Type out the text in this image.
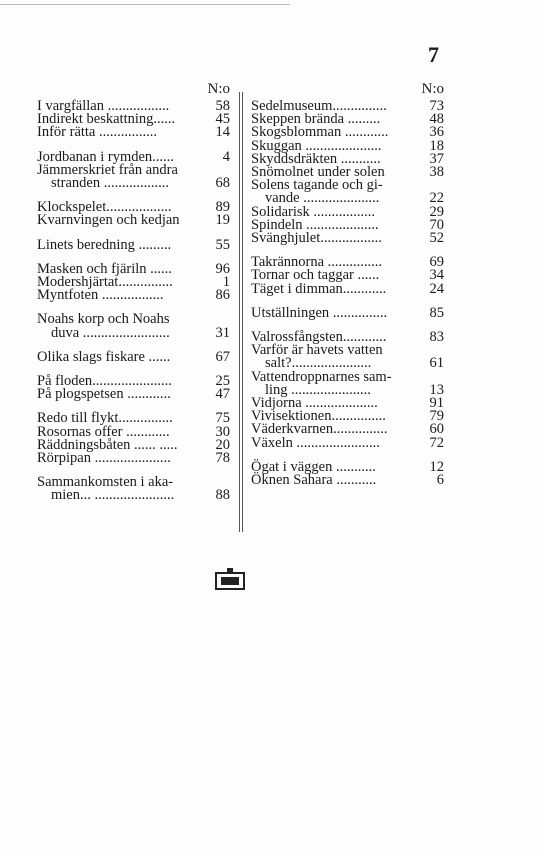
7
N:o
I vargfällan .................	58
Indirekt beskattning......	45
Inför rätta ................	14
Jordbanan i rymden......	4
Jämmerskriet från andra
stranden ..................	68
Klockspelet..................	89
Kvarnvingen och kedjan	19
Linets beredning .........	55
Masken och fjäriln ......	96
Modershjärtat...............	1
Myntfoten .................	86
Noahs korp och Noahs
duva ........................	31
Olika slags fiskare ......	67
På floden......................	25
På plogspetsen ............	47
Redo till flykt...............	75
Rosornas offer ............	30
Räddningsbåten ...... .....	20
Rörpipan .....................	78
Sammankomsten i aka-
mien... ......................	88
N:o
Sedelmuseum...............	73
Skeppen brända .........	48
Skogsblomman ............	36
Skuggan .....................	18
Skyddsdräkten ...........	37
Snömolnet under solen	38
Solens tagande och gi-
vande .....................	22
Solidarisk .................	29
Spindeln ....................	70
Svänghjulet.................	52
Takrännorna ...............	69
Tornar och taggar ......	34
Täget i dimman............	24
Utställningen ...............	85
Valrossfångsten............	83
Varför är havets vatten
salt?......................	61
Vattendroppnarnes sam-
ling ......................	13
Vidjorna ....................	91
Vivisektionen...............	79
Väderkvarnen...............	60
Växeln .......................	72
Ögat i väggen ...........	12
Öknen Sahara ...........	6
